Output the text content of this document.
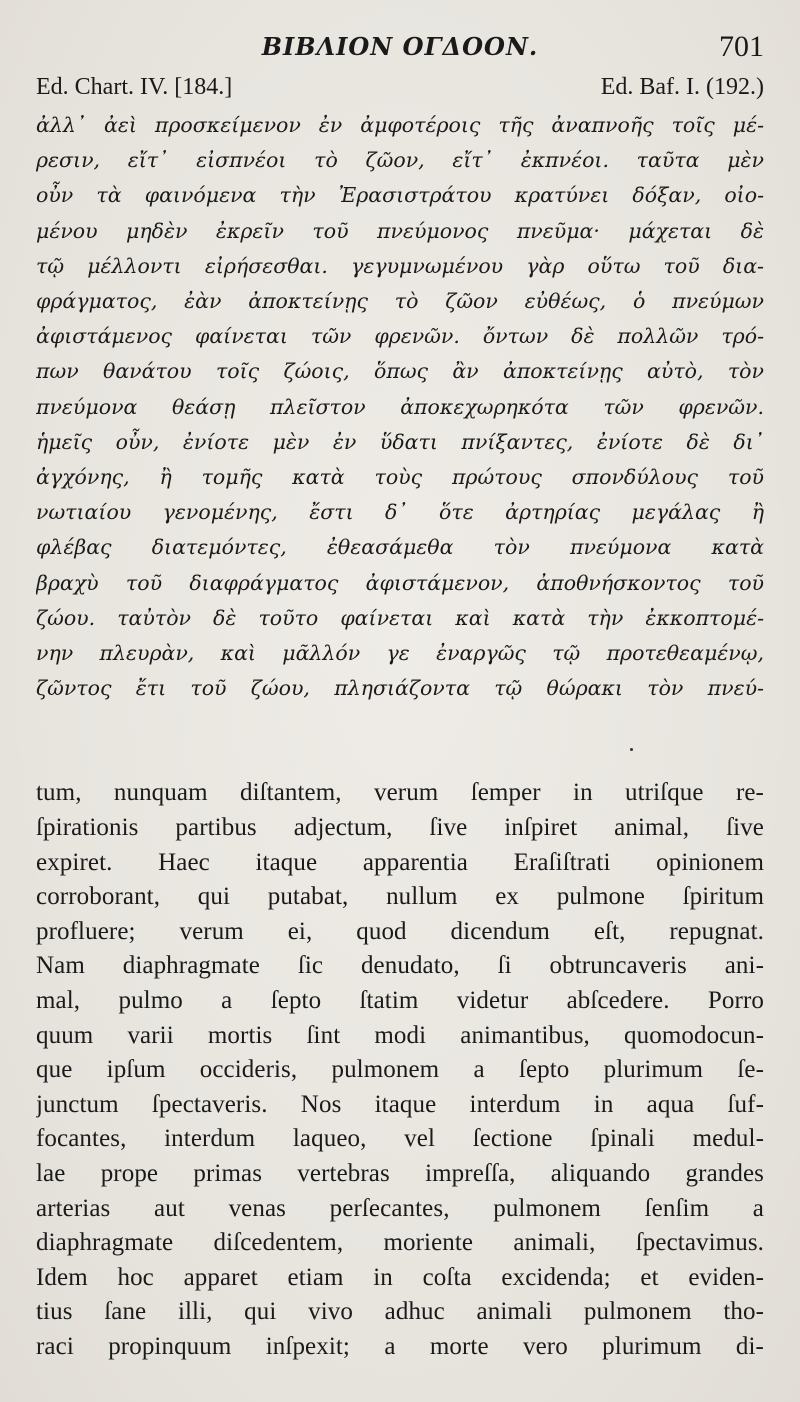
ΒΙΒΛΙΟΝ ΟΓΔΟΟΝ.	701
Ed. Chart. IV. [184.]	Ed. Baf. I. (192.)
ἀλλ᾽ ἀεὶ προσκείμενον ἐν ἀμφοτέροις τῆς ἀναπνοῆς τοῖς μέ-
ρεσιν, εἴτ᾽ εἰσπνέοι τὸ ζῶον, εἴτ᾽ ἐκπνέοι. ταῦτα μὲν
οὖν τὰ φαινόμενα τὴν Ἐρασιστράτου κρατύνει δόξαν, οἰο-
μένου μηδὲν ἐκρεῖν τοῦ πνεύμονος πνεῦμα· μάχεται δὲ
τῷ μέλλοντι εἰρήσεσθαι. γεγυμνωμένου γὰρ οὕτω τοῦ δια-
φράγματος, ἐὰν ἀποκτείνῃς τὸ ζῶον εὐθέως, ὁ πνεύμων
ἀφιστάμενος φαίνεται τῶν φρενῶν. ὄντων δὲ πολλῶν τρό-
πων θανάτου τοῖς ζώοις, ὅπως ἂν ἀποκτείνῃς αὐτὸ, τὸν
πνεύμονα θεάσῃ πλεῖστον ἀποκεχωρηκότα τῶν φρενῶν.
ἡμεῖς οὖν, ἐνίοτε μὲν ἐν ὕδατι πνίξαντες, ἐνίοτε δὲ δι᾽
ἀγχόνης, ἢ τομῆς κατὰ τοὺς πρώτους σπονδύλους τοῦ
νωτιαίου γενομένης, ἔστι δ᾽ ὅτε ἀρτηρίας μεγάλας ἢ
φλέβας διατεμόντες, ἐθεασάμεθα τὸν πνεύμονα κατὰ
βραχὺ τοῦ διαφράγματος ἀφιστάμενον, ἀποθνήσκοντος τοῦ
ζώου. ταὐτὸν δὲ τοῦτο φαίνεται καὶ κατὰ τὴν ἐκκοπτομέ-
νην πλευρὰν, καὶ μᾶλλόν γε ἐναργῶς τῷ προτεθεαμένῳ,
ζῶντος ἔτι τοῦ ζώου, πλησιάζοντα τῷ θώρακι τὸν πνεύ-
tum, nunquam diſtantem, verum ſemper in utriſque re-
ſpirationis partibus adjectum, ſive inſpiret animal, ſive
expiret. Haec itaque apparentia Eraſiſtrati opinionem
corroborant, qui putabat, nullum ex pulmone ſpiritum
profluere; verum ei, quod dicendum eſt, repugnat.
Nam diaphragmate ſic denudato, ſi obtruncaveris ani-
mal, pulmo a ſepto ſtatim videtur abſcedere. Porro
quum varii mortis ſint modi animantibus, quomodocun-
que ipſum occideris, pulmonem a ſepto plurimum ſe-
junctum ſpectaveris. Nos itaque interdum in aqua ſuf-
focantes, interdum laqueo, vel ſectione ſpinali medul-
lae prope primas vertebras impreſſa, aliquando grandes
arterias aut venas perſecantes, pulmonem ſenſim a
diaphragmate diſcedentem, moriente animali, ſpectavimus.
Idem hoc apparet etiam in coſta excidenda; et eviden-
tius ſane illi, qui vivo adhuc animali pulmonem tho-
raci propinquum inſpexit; a morte vero plurimum di-
